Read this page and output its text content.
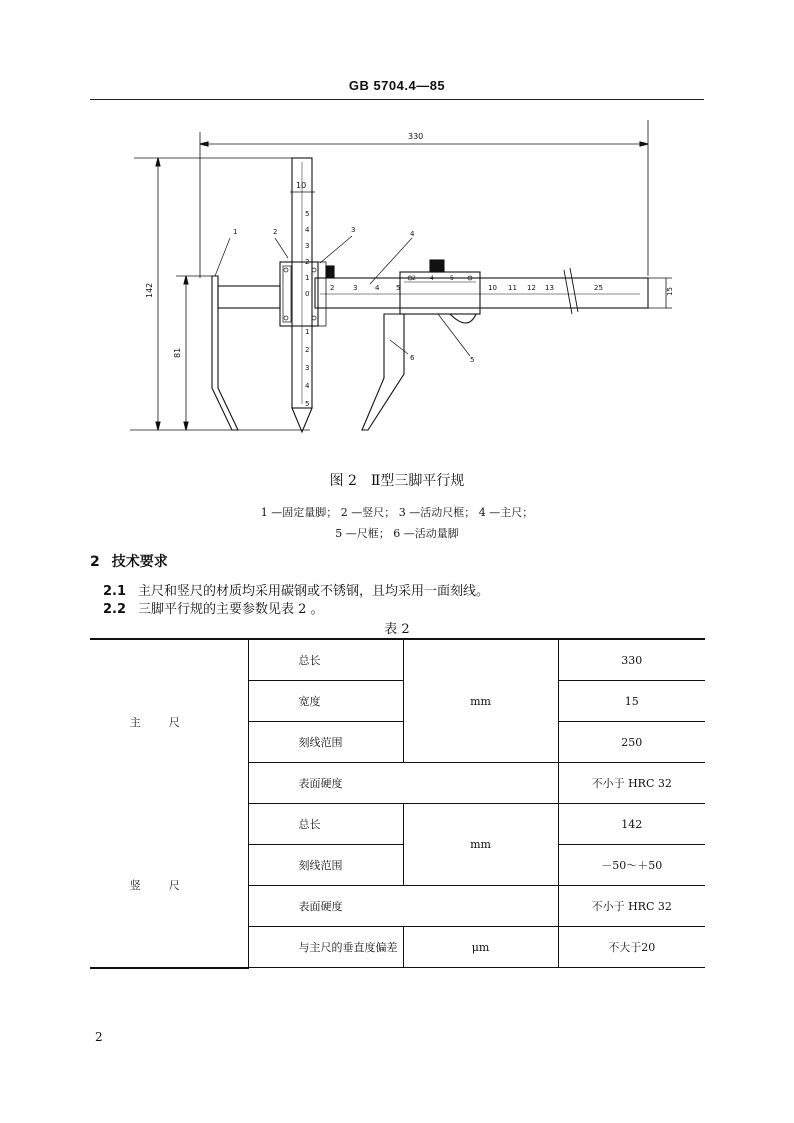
GB 5704.4—85
330
142
81
10
15
5
4
3
2
1
0
1
2
3
4
5
2	3	4 5	10 11 12 13	25
2 4	5
1	2	3	4
5
6
图 2　Ⅱ型三脚平行规
1 —固定量脚； 2 —竖尺； 3 —活动尺框； 4 —主尺；
5 —尺框； 6 —活动量脚
2 技术要求
2.1 主尺和竖尺的材质均采用碳钢或不锈钢，且均采用一面刻线。
2.2 三脚平行规的主要参数见表 2 。
表 2
主尺	总长	mm	330
	宽度		15
	刻线范围		250
	表面硬度		不小于 HRC 32
竖尺	总长	mm	142
	刻线范围		－50～＋50
	表面硬度		不小于 HRC 32
	与主尺的垂直度偏差	μm	不大于20
2
